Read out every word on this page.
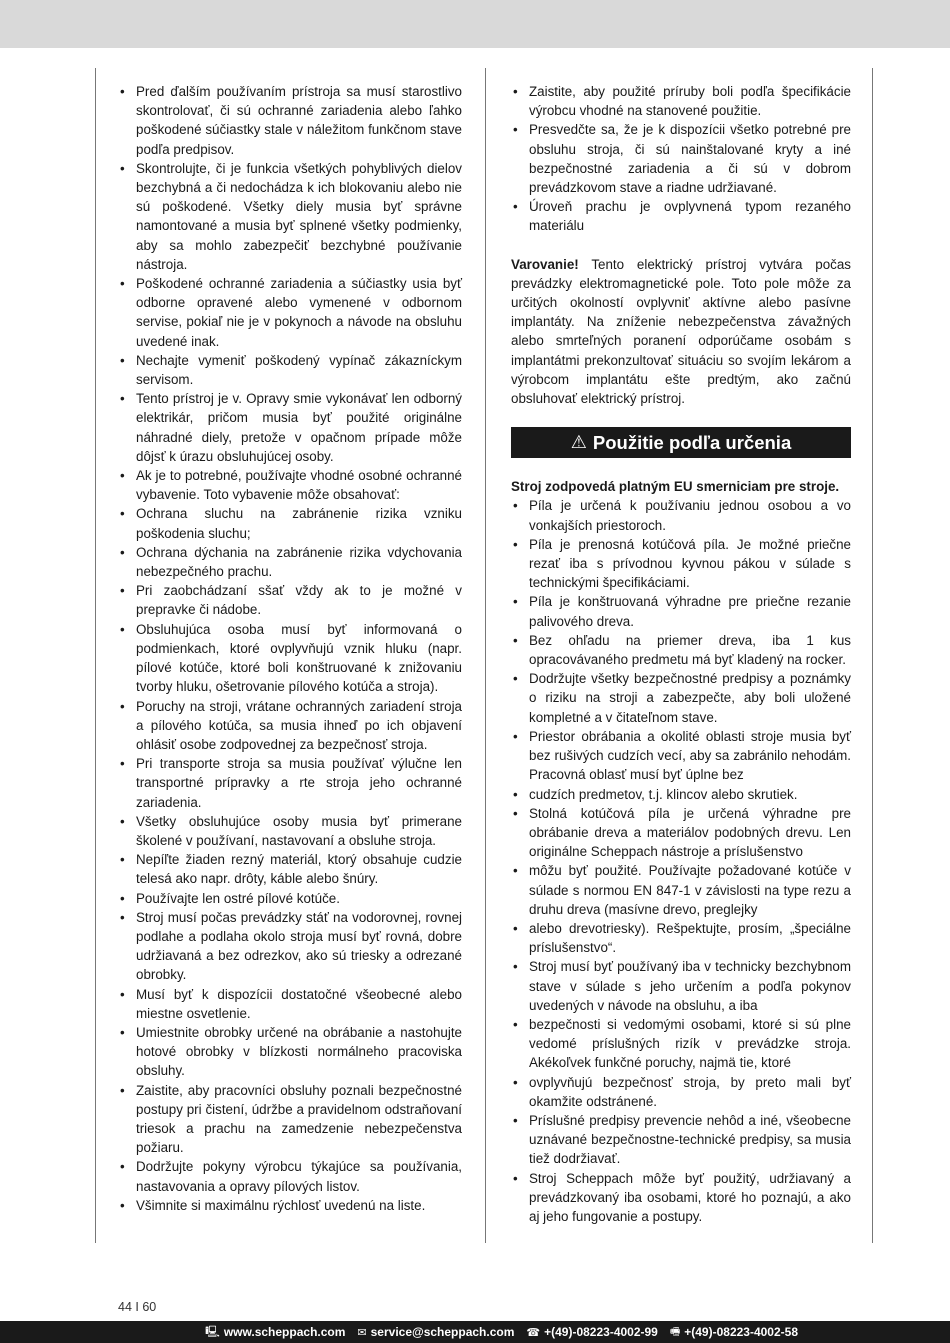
• Pred ďalším používaním prístroja sa musí starostlivo skontrolovať, či sú ochranné zariadenia alebo ľahko poškodené súčiastky stale v náležitom funkčnom stave podľa predpisov.
• Skontrolujte, či je funkcia všetkých pohyblivých dielov bezchybná a či nedochádza k ich blokovaniu alebo nie sú poškodené. Všetky diely musia byť správne namontované a musia byť splnené všetky podmienky, aby sa mohlo zabezpečiť bezchybné používanie nástroja.
• Poškodené ochranné zariadenia a súčiastky usia byť odborne opravené alebo vymenené v odbornom servise, pokiaľ nie je v pokynoch a návode na obsluhu uvedené inak.
• Nechajte vymeniť poškodený vypínač zákazníckym servisom.
• Tento prístroj je v. Opravy smie vykonávať len odborný elektrikár, pričom musia byť použité originálne náhradné diely, pretože v opačnom prípade môže dôjsť k úrazu obsluhujúcej osoby.
• Ak je to potrebné, používajte vhodné osobné ochranné vybavenie. Toto vybavenie môže obsahovať:
• Ochrana sluchu na zabránenie rizika vzniku poškodenia sluchu;
• Ochrana dýchania na zabránenie rizika vdychovania nebezpečného prachu.
• Pri zaobchádzaní sšať vždy ak to je možné v prepravke či nádobe.
• Obsluhujúca osoba musí byť informovaná o podmienkach, ktoré ovplyvňujú vznik hluku (napr. pílové kotúče, ktoré boli konštruované k znižovaniu tvorby hluku, ošetrovanie pílového kotúča a stroja).
• Poruchy na stroji, vrátane ochranných zariadení stroja a pílového kotúča, sa musia ihneď po ich objavení ohlásiť osobe zodpovednej za bezpečnosť stroja.
• Pri transporte stroja sa musia používať výlučne len transportné prípravky a rte stroja jeho ochranné zariadenia.
• Všetky obsluhujúce osoby musia byť primerane školené v používaní, nastavovaní a obsluhe stroja.
• Nepíľte žiaden rezný materiál, ktorý obsahuje cudzie telesá ako napr. drôty, káble alebo šnúry.
• Používajte len ostré pílové kotúče.
• Stroj musí počas prevádzky stáť na vodorovnej, rovnej podlahe a podlaha okolo stroja musí byť rovná, dobre udržiavaná a bez odrezkov, ako sú triesky a odrezané obrobky.
• Musí byť k dispozícii dostatočné všeobecné alebo miestne osvetlenie.
• Umiestnite obrobky určené na obrábanie a nastohujte hotové obrobky v blízkosti normálneho pracoviska obsluhy.
• Zaistite, aby pracovníci obsluhy poznali bezpečnostné postupy pri čistení, údržbe a pravidelnom odstraňovaní triesok a prachu na zamedzenie nebezpečenstva požiaru.
• Dodržujte pokyny výrobcu týkajúce sa používania, nastavovania a opravy pílových listov.
• Všimnite si maximálnu rýchlosť uvedenú na liste.
• Zaistite, aby použité príruby boli podľa špecifikácie výrobcu vhodné na stanovené použitie.
• Presvedčte sa, že je k dispozícii všetko potrebné pre obsluhu stroja, či sú nainštalované kryty a iné bezpečnostné zariadenia a či sú v dobrom prevádzkovom stave a riadne udržiavané.
• Úroveň prachu je ovplyvnená typom rezaného materiálu

Varovanie! Tento elektrický prístroj vytvára počas prevádzky elektromagnetické pole. Toto pole môže za určitých okolností ovplyvniť aktívne alebo pasívne implantáty. Na zníženie nebezpečenstva závažných alebo smrteľných poranení odporúčame osobám s implantátmi prekonzultovať situáciu so svojím lekárom a výrobcom implantátu ešte predtým, ako začnú obsluhovať elektrický prístroj.

⚠ Použitie podľa určenia

Stroj zodpovedá platným EU smerniciam pre stroje.

• Píla je určená k používaniu jednou osobou a vo vonkajších priestoroch.
• Píla je prenosná kotúčová píla. Je možné priečne rezať iba s prívodnou kyvnou pákou v súlade s technickými špecifikáciami.
• Píla je konštruovaná výhradne pre priečne rezanie palivového dreva.
• Bez ohľadu na priemer dreva, iba 1 kus opracovávaného predmetu má byť kladený na rocker.
• Dodržujte všetky bezpečnostné predpisy a poznámky o riziku na stroji a zabezpečte, aby boli uložené kompletné a v čitateľnom stave.
• Priestor obrábania a okolité oblasti stroje musia byť bez rušivých cudzích vecí, aby sa zabránilo nehodám. Pracovná oblasť musí byť úplne bez
• cudzích predmetov, t.j. klincov alebo skrutiek.
• Stolná kotúčová píla je určená výhradne pre obrábanie dreva a materiálov podobných drevu. Len originálne Scheppach nástroje a príslušenstvo
• môžu byť použité. Používajte požadované kotúče v súlade s normou EN 847-1 v závislosti na type rezu a druhu dreva (masívne drevo, preglejky
• alebo drevotriesky). Rešpektujte, prosím, „špeciálne príslušenstvo“.
• Stroj musí byť používaný iba v technicky bezchybnom stave v súlade s jeho určením a podľa pokynov uvedených v návode na obsluhu, a iba
• bezpečnosti si vedomými osobami, ktoré si sú plne vedomé príslušných rizík v prevádzke stroja. Akékoľvek funkčné poruchy, najmä tie, ktoré
• ovplyvňujú bezpečnosť stroja, by preto mali byť okamžite odstránené.
• Príslušné predpisy prevencie nehôd a iné, všeobecne uznávané bezpečnostne-technické predpisy, sa musia tiež dodržiavať.
• Stroj Scheppach môže byť použitý, udržiavaný a prevádzkovaný iba osobami, ktoré ho poznajú, a ako aj jeho fungovanie a postupy.
44 I 60
🖳 www.scheppach.com ✉ service@scheppach.com ☎ +(49)-08223-4002-99 🖷 +(49)-08223-4002-58
